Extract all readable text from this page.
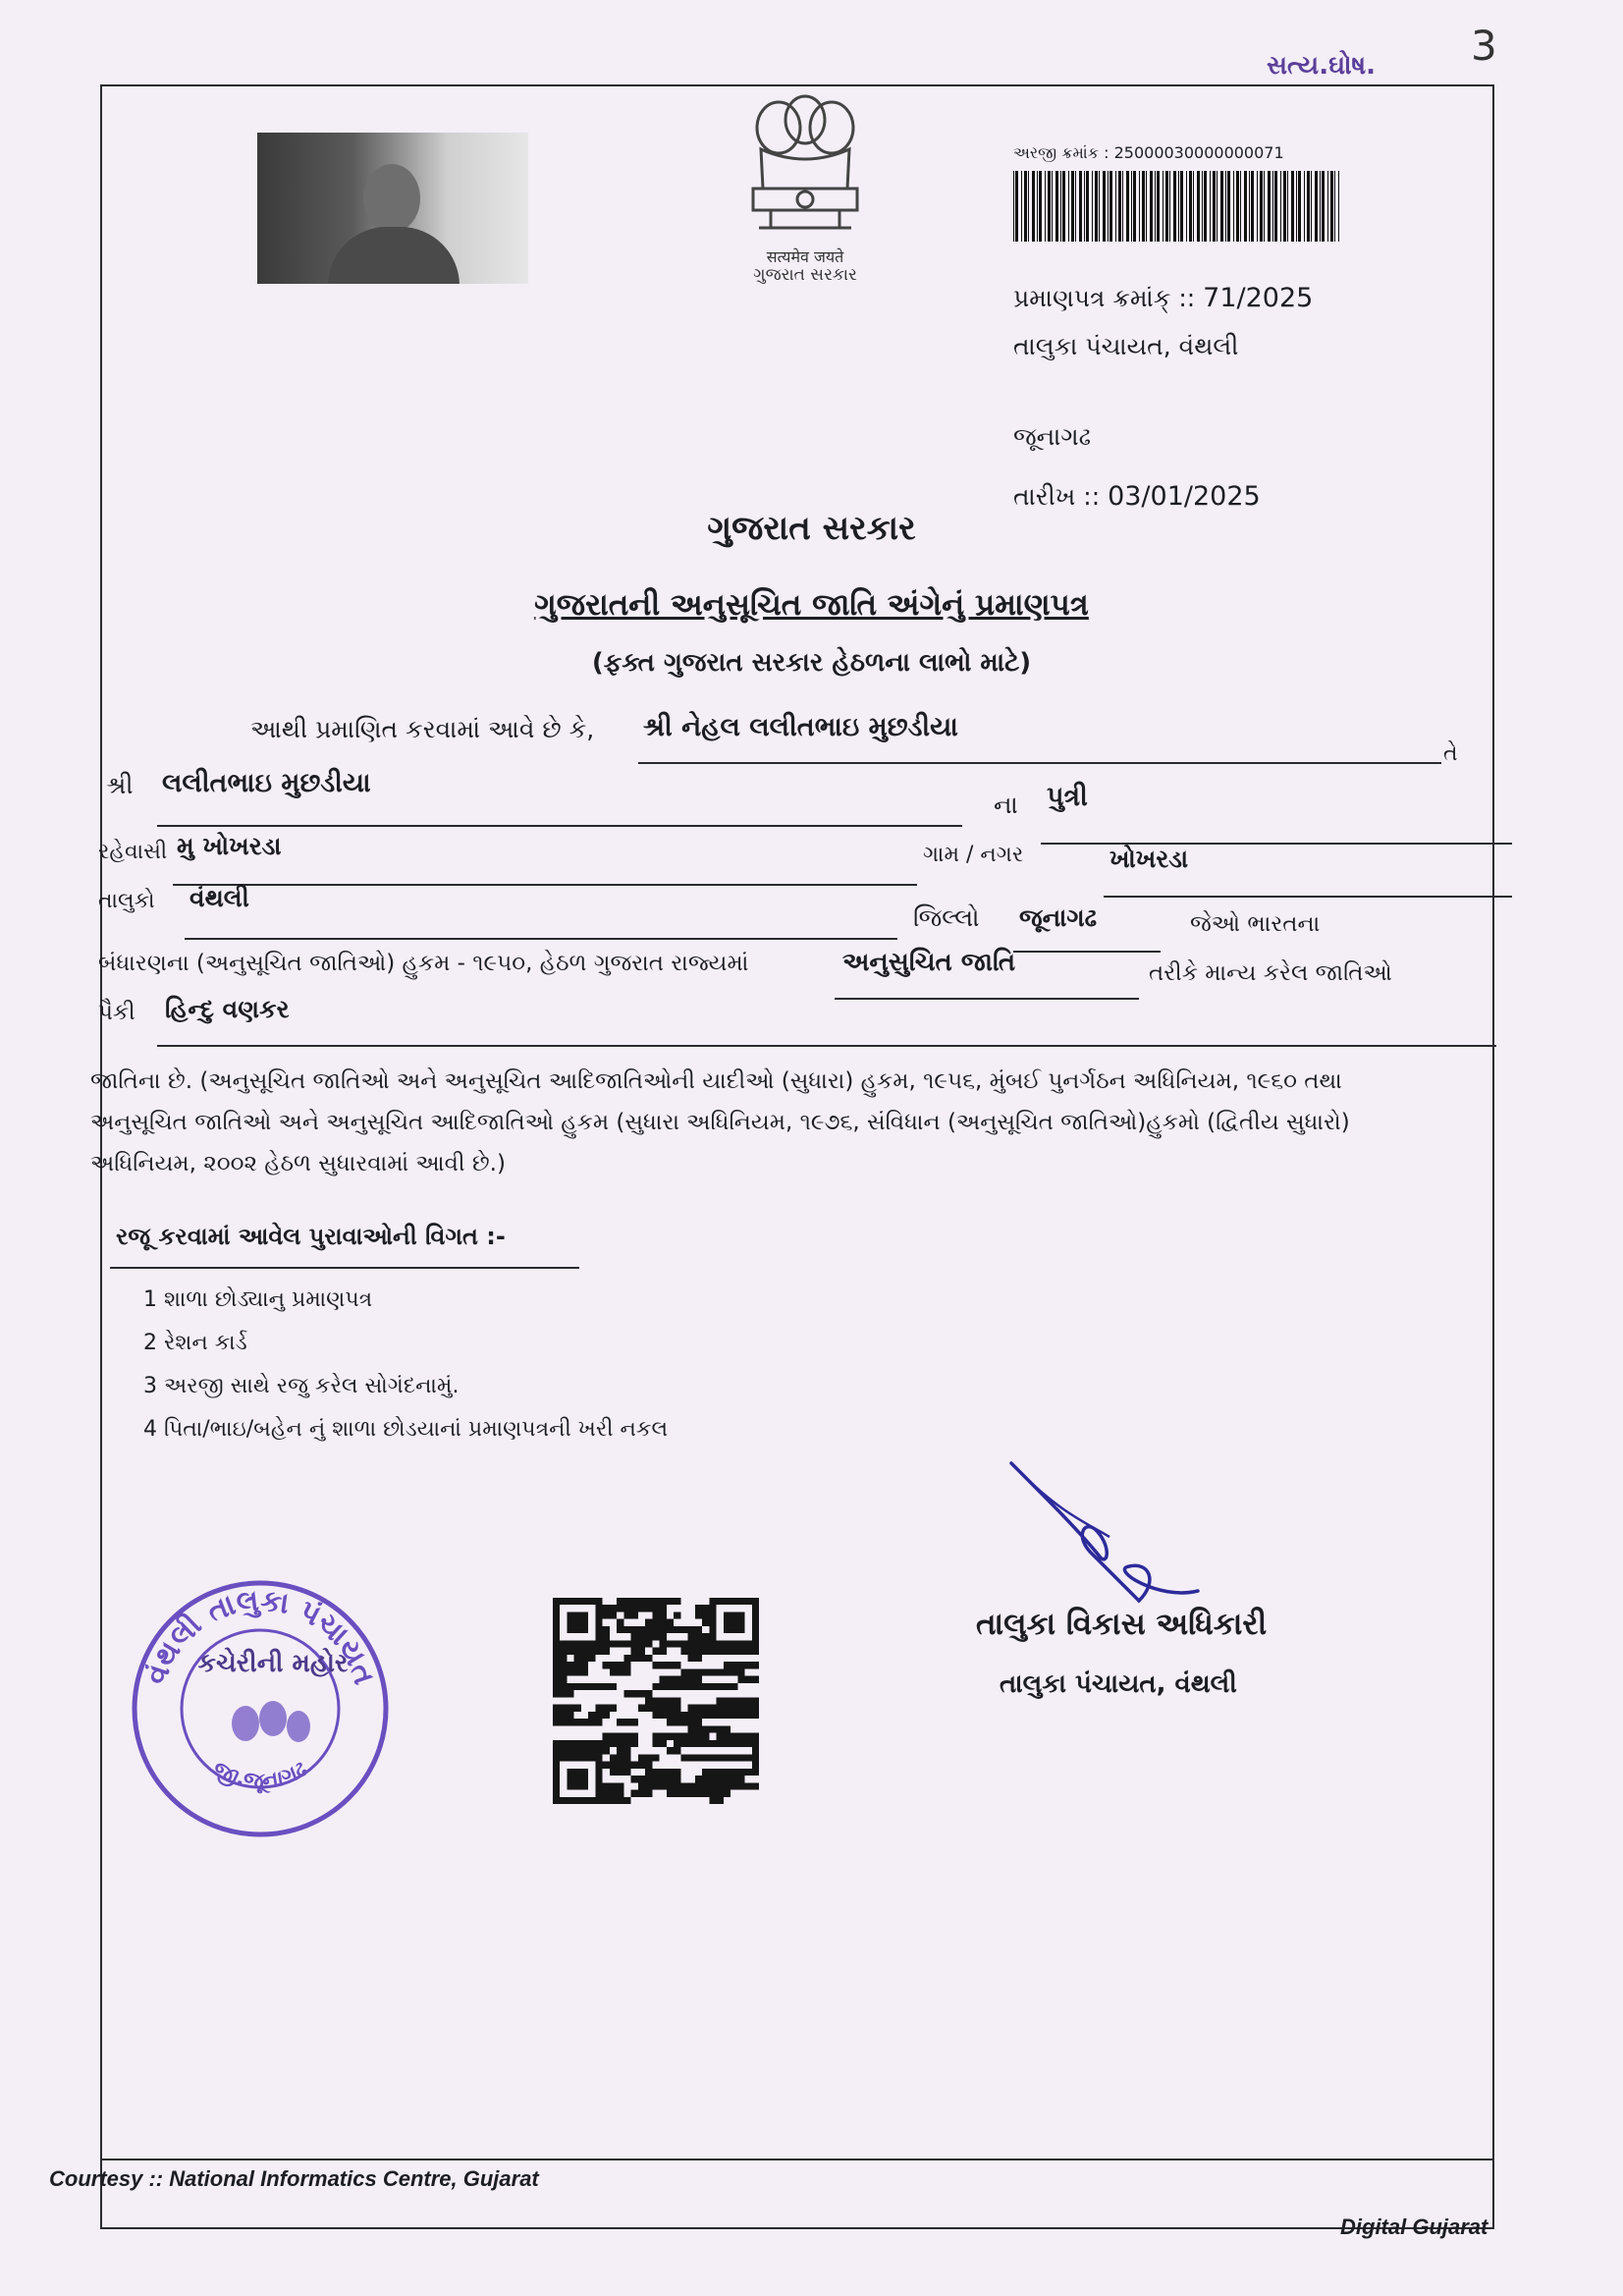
સત્ય.ઘોષ. 3
सत्यमेव जयते
ગુજરાત સરકાર
અરજી ક્રમાંક : 25000030000000071
પ્રમાણપત્ર ક્રમાંક્ :: 71/2025
તાલુકા પંચાયત, વંથલી
જૂનાગઢ
તારીખ :: 03/01/2025
ગુજરાત સરકાર
ગુજરાતની અનુસૂચિત જાતિ અંગેનું પ્રમાણપત્ર
(ફક્ત ગુજરાત સરકાર હેઠળના લાભો માટે)
આથી પ્રમાણિત કરવામાં આવે છે કે, શ્રી નેહલ લલીતભાઇ મુછડીયા
તે
શ્રી લલીતભાઇ મુછડીયા
ના પુત્રી
રહેવાસી મુ ખોખરડા	ગામ / નગર	ખોખરડા
તાલુકો વંથલી
જિલ્લો જૂનાગઢ	જેઓ ભારતના
બંધારણના (અનુસૂચિત જાતિઓ) હુકમ - ૧૯૫૦, હેઠળ ગુજરાત રાજ્યમાં	અનુસુચિત જાતિ	તરીકે માન્ય કરેલ જાતિઓ
પૈકી હિન્દુ વણકર
જાતિના છે. (અનુસૂચિત જાતિઓ અને અનુસૂચિત આદિજાતિઓની યાદીઓ (સુધારા) હુકમ, ૧૯૫૬, મુંબઈ પુનર્ગઠન અધિનિયમ, ૧૯૬૦ તથા
અનુસૂચિત જાતિઓ અને અનુસૂચિત આદિજાતિઓ હુકમ (સુધારા અધિનિયમ, ૧૯૭૬, સંવિધાન (અનુસૂચિત જાતિઓ)હુકમો (દ્વિતીય સુધારો)
અધિનિયમ, ૨૦૦૨ હેઠળ સુધારવામાં આવી છે.)
રજૂ કરવામાં આવેલ પુરાવાઓની વિગત :-
1 શાળા છોડ્યાનુ પ્રમાણપત્ર
2 રેશન કાર્ડ
3 અરજી સાથે રજુ કરેલ સોગંદનામું.
4 પિતા/ભાઇ/બહેન નું શાળા છોડયાનાં પ્રમાણપત્રની ખરી નકલ
વંથલી તાલુકા પંચાયત
જી.જૂનાગઢ
કચેરીની મહોર
તાલુકા વિકાસ અધિકારી
તાલુકા પંચાયત, વંથલી
Courtesy :: National Informatics Centre, Gujarat
Digital Gujarat
